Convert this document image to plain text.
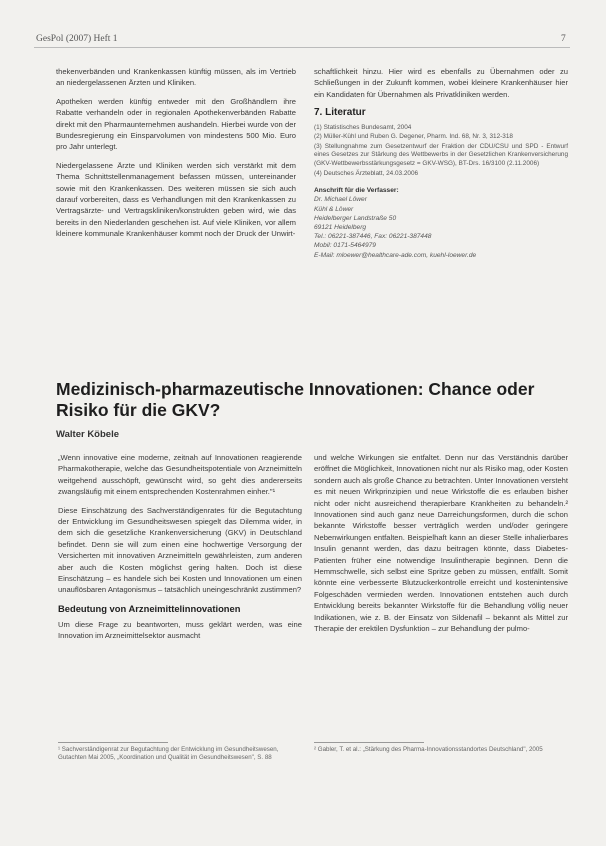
GesPol (2007) Heft 1	7

thekenverbänden und Krankenkassen künftig müssen, als im Vertrieb an niedergelassenen Ärzten und Kliniken.

Apotheken werden künftig entweder mit den Großhändlern ihre Rabatte verhandeln oder in regionalen Apothekenverbänden Rabatte direkt mit den Pharmaunternehmen aushandeln. Hierbei wurde von der Bundesregierung ein Einsparvolumen von mindestens 500 Mio. Euro pro Jahr unterlegt.

Niedergelassene Ärzte und Kliniken werden sich verstärkt mit dem Thema Schnittstellenmanagement befassen müssen, untereinander sowie mit den Krankenkassen. Des weiteren müssen sie sich auch darauf vorbereiten, dass es Verhandlungen mit den Krankenkassen zu Vertragsärzte- und Vertragskliniken/konstrukten geben wird, wie das bereits in den Niederlanden geschehen ist. Auf viele Kliniken, vor allem kleinere kommunale Krankenhäuser kommt noch der Druck der Unwirt-

schaftlichkeit hinzu. Hier wird es ebenfalls zu Übernahmen oder zu Schließungen in der Zukunft kommen, wobei kleinere Krankenhäuser hier ein Kandidaten für Übernahmen als Privatkliniken werden.

7. Literatur
(1) Statistisches Bundesamt, 2004
(2) Müller-Kühl und Ruben G. Degener, Pharm. Ind. 68, Nr. 3, 312-318
(3) Stellungnahme zum Gesetzentwurf der Fraktion der CDU/CSU und SPD - Entwurf eines Gesetzes zur Stärkung des Wettbewerbs in der Gesetzlichen Krankenversicherung (GKV-Wettbewerbsstärkungsgesetz = GKV-WSG), BT-Drs. 16/3100 (2.11.2006)
(4) Deutsches Ärzteblatt, 24.03.2006
Anschrift für die Verfasser:
Dr. Michael Löwer
Kühl & Löwer
Heidelberger Landstraße 50
69121 Heidelberg
Tel.: 06221-387446, Fax: 06221-387448
Mobil: 0171-5464979
E-Mail: mloewer@healthcare-ade.com, kuehl-loewer.de
Medizinisch-pharmazeutische Innovationen: Chance oder Risiko für die GKV?
Walter Köbele

„Wenn innovative eine moderne, zeitnah auf Innovationen reagierende Pharmakotherapie, welche das Gesundheitspotentiale von Arzneimitteln weitgehend ausschöpft, gewünscht wird, so geht dies andererseits zwangsläufig mit einem entsprechenden Kostenrahmen einher."¹

Diese Einschätzung des Sachverständigenrates für die Begutachtung der Entwicklung im Gesundheitswesen spiegelt das Dilemma wider, in dem sich die gesetzliche Krankenversicherung (GKV) in Deutschland befindet. Denn sie will zum einen eine hochwertige Versorgung der Versicherten mit innovativen Arzneimitteln gewährleisten, zum anderen aber auch die Kosten möglichst gering halten. Doch ist diese Einschätzung – es handele sich bei Kosten und Innovationen um einen unauflösbaren Antagonismus – tatsächlich uneingeschränkt zustimmen?

Bedeutung von Arzneimittelinnovationen

Um diese Frage zu beantworten, muss geklärt werden, was eine Innovation im Arzneimittelsektor ausmacht

und welche Wirkungen sie entfaltet. Denn nur das Verständnis darüber eröffnet die Möglichkeit, Innovationen nicht nur als Risiko mag, oder Kosten sondern auch als große Chance zu betrachten. Unter Innovationen versteht es mit neuen Wirkprinzipien und neue Wirkstoffe die es erlauben bisher nicht oder nicht ausreichend therapierbare Krankheiten zu behandeln.² Innovationen sind auch ganz neue Darreichungsformen, durch die schon bekannte Wirkstoffe besser verträglich werden und/oder geringere Nebenwirkungen entfalten. Beispielhaft kann an dieser Stelle inhalierbares Insulin genannt werden, das dazu beitragen könnte, dass Diabetes-Patienten früher eine notwendige Insulintherapie beginnen. Denn die Hemmschwelle, sich selbst eine Spritze geben zu müssen, entfällt. Somit könnte eine verbesserte Blutzuckerkontrolle erreicht und kostenintensive Folgeschäden vermieden werden. Innovationen entstehen auch durch Entwicklung bereits bekannter Wirkstoffe für die Behandlung völlig neuer Indikationen, wie z. B. der Einsatz von Sildenafil – bekannt als Mittel zur Therapie der erektilen Dysfunktion – zur Behandlung der pulmo-

¹ Sachverständigenrat zur Begutachtung der Entwicklung im Gesundheitswesen, Gutachten Mai 2005, „Koordination und Qualität im Gesundheitswesen", S. 88
² Gabler, T. et al.: „Stärkung des Pharma-Innovationsstandortes Deutschland", 2005
